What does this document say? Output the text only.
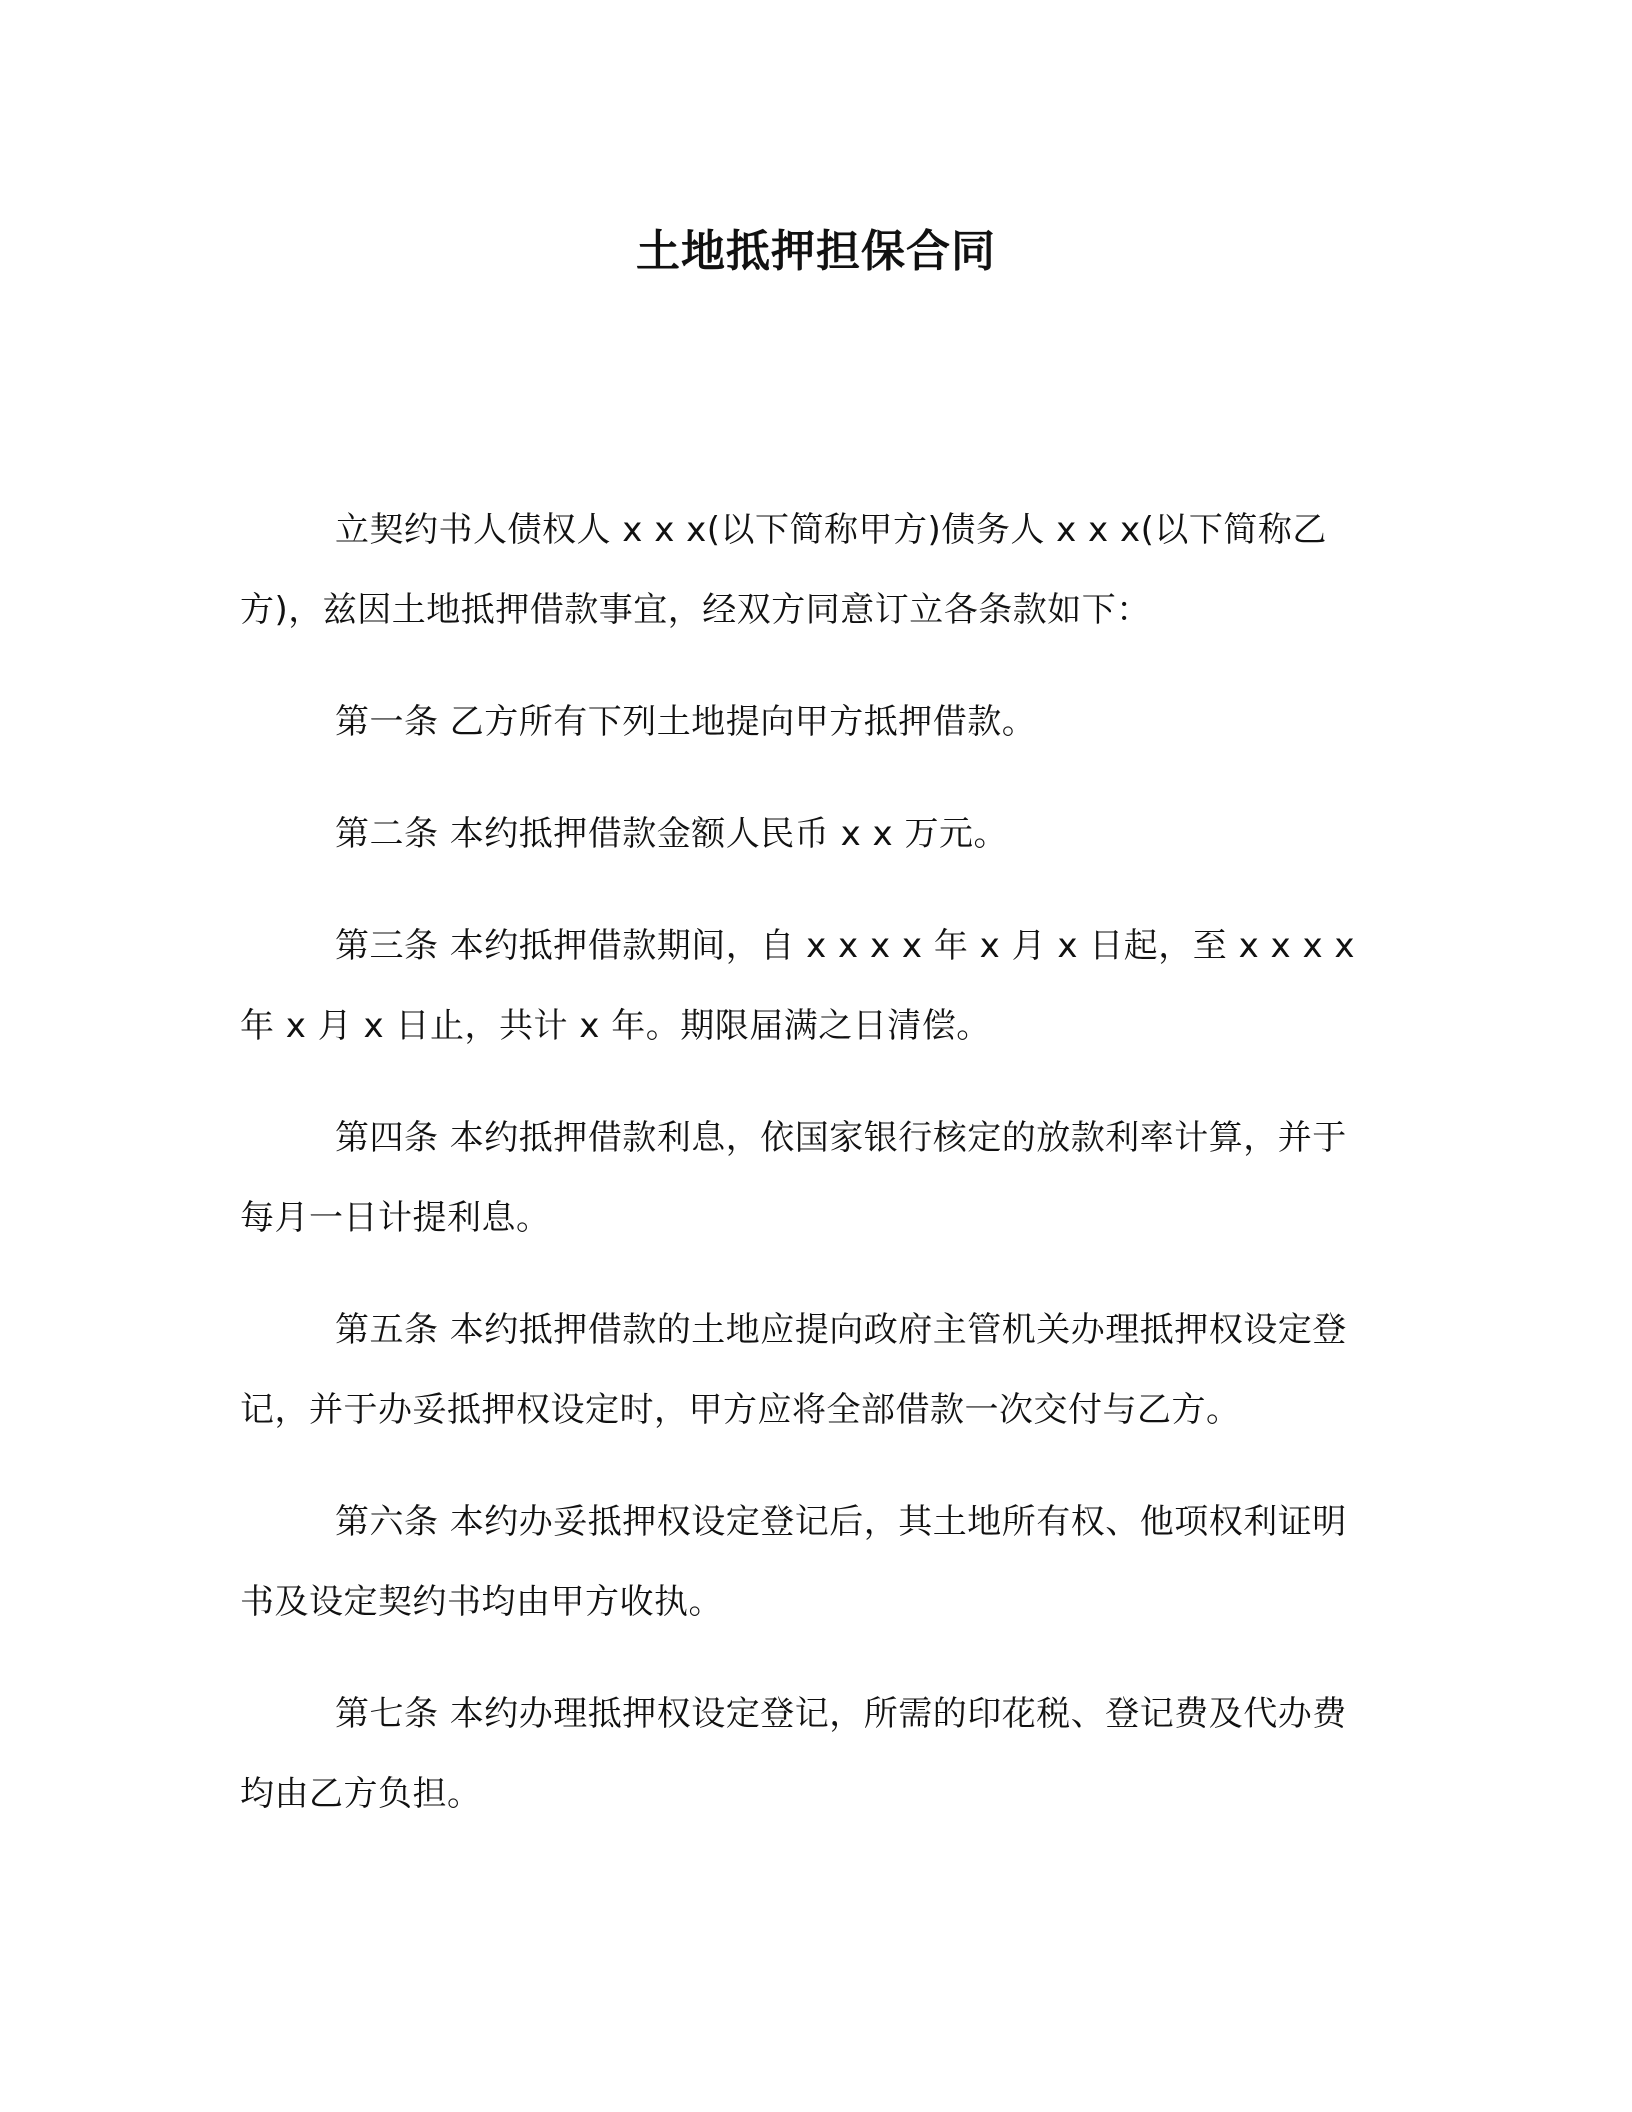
土地抵押担保合同

立契约书人债权人 x x x(以下简称甲方)债务人 x x x(以下简称乙方)，兹因土地抵押借款事宜，经双方同意订立各条款如下：

第一条 乙方所有下列土地提向甲方抵押借款。

第二条 本约抵押借款金额人民币 x x 万元。

第三条 本约抵押借款期间，自 x x x x 年 x 月 x 日起，至 x x x x 年 x 月 x 日止，共计 x 年。期限届满之日清偿。

第四条 本约抵押借款利息，依国家银行核定的放款利率计算，并于每月一日计提利息。

第五条 本约抵押借款的土地应提向政府主管机关办理抵押权设定登记，并于办妥抵押权设定时，甲方应将全部借款一次交付与乙方。

第六条 本约办妥抵押权设定登记后，其土地所有权、他项权利证明书及设定契约书均由甲方收执。

第七条 本约办理抵押权设定登记，所需的印花税、登记费及代办费均由乙方负担。
